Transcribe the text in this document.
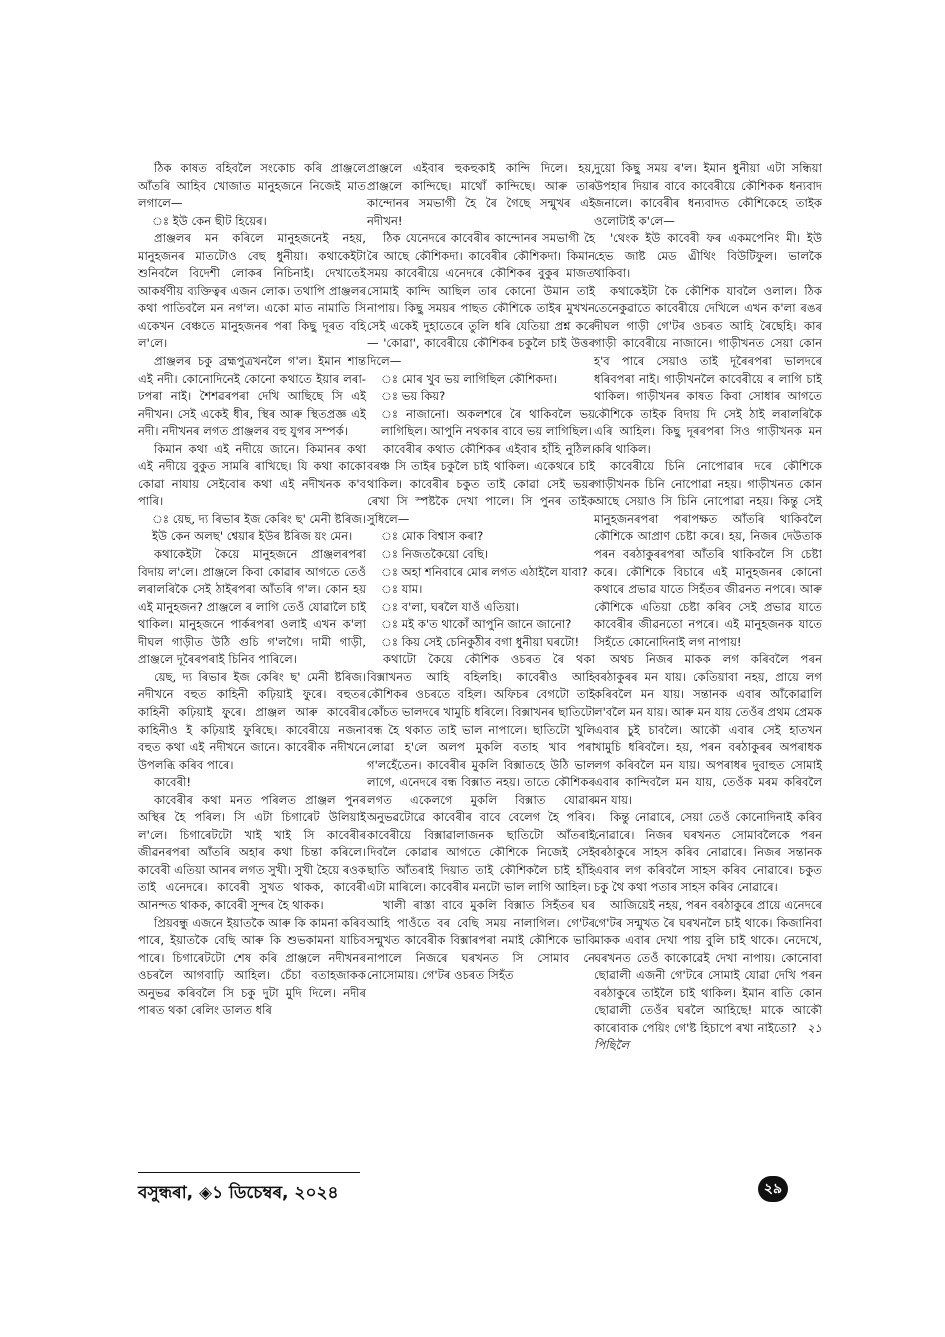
ঠিক কাষত বহিবলৈ সংকোচ কৰি প্ৰাঞ্জলে আঁতৰি আহিব খোজাত মানুহজনে নিজেই মাত লগালে—

ঃ ইউ কেন ছীট হিয়েৰ।

প্ৰাঞ্জলৰ মন কৰিলে মানুহজনেই নহয়, মানুহজনৰ মাতটোও বেছ ধুনীয়া। কথাকেইটা শুনিবলৈ বিদেশী লোকৰ নিচিনাই। দেখাতেই আকৰ্ষণীয় ব্যক্তিত্বৰ এজন লোক। তথাপি প্ৰাঞ্জলৰ কথা পাতিবলৈ মন নগ'ল। একো মাত নামাতি সি একেখন বেঞ্চতে মানুহজনৰ পৰা কিছু দূৰত বহি ল'লে।

প্ৰাঞ্জলৰ চকু ব্ৰহ্মপুত্ৰখনলৈ গ'ল। ইমান শান্ত এই নদী। কোনোদিনেই কোনো কথাতে ইয়াৰ লৰা-ঢপৰা নাই। শৈশৱৰপৰা দেখি আছিছে সি এই নদীখন। সেই একেই ধীৰ, স্থিৰ আৰু স্থিতপ্ৰজ্ঞ এই নদী। নদীখনৰ লগত প্ৰাঞ্জলৰ বহু যুগৰ সম্পৰ্ক।

কিমান কথা এই নদীয়ে জানে। কিমানৰ কথা এই নদীয়ে বুকুত সামৰি ৰাখিছে। যি কথা কাকো কোৱা নাযায় সেইবোৰ কথা এই নদীখনক ক'ব পাৰি।

ঃ য়েছ, দ্য ৰিভাৰ ইজ কেৰিং ছ' মেনী ষ্টৰিজ। ইউ কেন অলছ' শ্বেয়াৰ ইউৰ ষ্টৰিজ য়ং মেন।

কথাকেইটা কৈয়ে মানুহজনে প্ৰাঞ্জলৰপৰা বিদায় ল'লে। প্ৰাঞ্জলে কিবা কোৱাৰ আগতে তেওঁ লৰালৰিকৈ সেই ঠাইৰপৰা আঁতৰি গ'ল। কোন হয় এই মানুহজন? প্ৰাঞ্জলে ৰ লাগি তেওঁ যোৱালৈ চাই থাকিল। মানুহজনে পাৰ্কৰপৰা ওলাই এখন ক'লা দীঘল গাড়ীত উঠি গুচি গ'লগৈ। দামী গাড়ী, প্ৰাঞ্জলে দূৰৈৰপৰাই চিনিব পাৰিলে।

য়েছ, দ্য ৰিভাৰ ইজ কেৰিং ছ' মেনী ষ্টৰিজ। নদীখনে বহুত কাহিনী কঢ়িয়াই ফুৰে। বহুতৰ কাহিনী কঢ়িয়াই ফুৰে। প্ৰাঞ্জল আৰু কাবেৰীৰ কাহিনীও ই কঢ়িয়াই ফুৰিছে। কাবেৰীয়ে নজনা বহুত কথা এই নদীখনে জানে। কাবেৰীক নদীখনে উপলব্ধি কৰিব পাৰে।

কাবেৰী!

কাবেৰীৰ কথা মনত পৰিলত প্ৰাঞ্জল পুনৰ অস্থিৰ হৈ পৰিল। সি এটা চিগাৰেট উলিয়াই ল'লে। চিগাৰেটটো খাই খাই সি কাবেৰীৰ জীৱনৰপৰা আঁতৰি অহাৰ কথা চিন্তা কৰিলে। কাবেৰী এতিয়া আনৰ লগত সুখী। সুখী হৈয়ে ৰওক তাই এনেদৰে। কাবেৰী সুখত থাকক, কাবেৰী আনন্দত থাকক, কাবেৰী সুন্দৰ হৈ থাকক।

প্ৰিয়বন্ধু এজনে ইয়াতকৈ আৰু কি কামনা কৰিব পাৰে, ইয়াতকৈ বেছি আৰু কি শুভকামনা যাচিব পাৰে। চিগাৰেটটো শেষ কৰি প্ৰাঞ্জলে নদীখনৰ ওচৰলৈ আগবাঢ়ি আহিল। চেঁচা বতাহজাকক অনুভৱ কৰিবলৈ সি চকু দুটা মুদি দিলে। নদীৰ পাৰত থকা ৰেলিং ডালত ধৰি

প্ৰাঞ্জলে এইবাৰ হুকহুকাই কান্দি দিলে। হয়, প্ৰাঞ্জলে কান্দিছে। মাথোঁ কান্দিছে। আৰু তাৰ কান্দোনৰ সমভাগী হৈ ৰৈ গৈছে সন্মুখৰ এই নদীখন!

ঠিক যেনেদৰে কাবেৰীৰ কান্দোনৰ সমভাগী হৈ ৰৈ আছে কৌশিকদা। কাবেৰীৰ কৌশিকদা। কিমান সময় কাবেৰীয়ে এনেদৰে কৌশিকৰ বুকুৰ মাজত সোমাই কান্দি আছিল তাৰ কোনো উমান তাই নাপায়। কিছু সময়ৰ পাছত কৌশিকে তাইৰ মুখখন সেই একেই দুহাতেৰে তুলি ধৰি যেতিয়া প্ৰশ্ন কৰে— 'কোৱা', কাবেৰীয়ে কৌশিকৰ চকুলৈ চাই উত্তৰ দিলে—

ঃ মোৰ খুব ভয় লাগিছিল কৌশিকদা।

ঃ ভয় কিয়?

ঃ নাজানো। অকলশৰে ৰৈ থাকিবলৈ ভয় লাগিছিল। আপুনি নথকাৰ বাবে ভয় লাগিছিল।

কাবেৰীৰ কথাত কৌশিকৰ এইবাৰ হাঁহি নুঠিল। বৰঞ্চ সি তাইৰ চকুলৈ চাই থাকিল। একেথৰে চাই থাকিল। কাবেৰীৰ চকুত তাই কোৱা সেই ভয়ৰ ৰেখা সি স্পষ্টকৈ দেখা পালে। সি পুনৰ তাইক সুধিলে—

ঃ মোক বিশ্বাস কৰা?

ঃ নিজতকৈয়ো বেছি।

ঃ অহা শনিবাৰে মোৰ লগত এঠাইলৈ যাবা?

ঃ যাম।

ঃ ব'লা, ঘৰলৈ যাওঁ এতিয়া।

ঃ মই ক'ত থাকোঁ আপুনি জানে জানো?

ঃ কিয় সেই চেনিকুঠীৰ বগা ধুনীয়া ঘৰটো!

কথাটো কৈয়ে কৌশিক ওচৰত ৰৈ থকা বিক্সাখনত আহি বহিলহি। কাবেৰীও আহি কৌশিকৰ ওচৰতে বহিল। অফিচৰ বেগটো তাই কোঁচত ভালদৰে খামুচি ধৰিলে। বিক্সাখনৰ ছাতিটো বন্ধ হৈ থকাত তাই ভাল নাপালে। ছাতিটো খুলি লোৱা হ'লে অলপ মুকলি বতাহ খাব পৰা গ'লহেঁতেন। কাবেৰীৰ মুকলি বিক্সাতহে উঠি ভাল লাগে, এনেদৰে বন্ধ বিক্সাত নহয়। তাতে কৌশিকৰ লগত একেলগে মুকলি বিক্সাত যোৱাৰ অনুভৱটোৱে কাবেৰীৰ বাবে বেলেগ হৈ পৰিব। কাবেৰীয়ে বিক্সাৱালাজনক ছাতিটো আঁতৰাই দিবলৈ কোৱাৰ আগতে কৌশিকে নিজেই সেই ছাতি আঁতৰাই দিয়াত তাই কৌশিকলৈ চাই হাঁহি এটা মাৰিলে। কাবেৰীৰ মনটো ভাল লাগি আহিল।

খালী ৰাস্তা বাবে মুকলি বিক্সাত সিহঁতৰ ঘৰ আহি পাওঁতে বৰ বেছি সময় নালাগিল। গে'টৰ সন্মুখত কাবেৰীক বিক্সাৰপৰা নমাই কৌশিকে ভাবি নাপালে নিজৰে ঘৰখনত সি সোমাব নে নোসোমায়। গে'টৰ ওচৰত সিহঁত

দুয়ো কিছু সময় ৰ'ল। ইমান ধুনীয়া এটা সন্ধিয়া উপহাৰ দিয়াৰ বাবে কাবেৰীয়ে কৌশিকক ধন্যবাদ জনালে। কাবেৰীৰ ধন্যবাদত কৌশিকেহে তাইক ওলোটাই ক'লে—

'থেংক ইউ কাবেৰী ফৰ একমপেনিং মী। ইউ হেভ জাষ্ট মেড এ্ৰীথিং বিউটিফুল। ভালকৈ থাকিবা।

কথাকেইটা কৈ কৌশিক যাবলৈ ওলাল। ঠিক তেনেকুৱাতে কাবেৰীয়ে দেখিলে এখন ক'লা ৰঙৰ দীঘল গাড়ী গে'টৰ ওচৰত আহি ৰৈছেহি। কাৰ গাড়ী কাবেৰীয়ে নাজানে। গাড়ীখনত সেয়া কোন হ'ব পাৰে সেয়াও তাই দূৰৈৰপৰা ভালদৰে ধৰিবপৰা নাই। গাড়ীখনলৈ কাবেৰীয়ে ৰ লাগি চাই থাকিল। গাড়ীখনৰ কাষত কিবা সোধাৰ আগতে কৌশিকে তাইক বিদায় দি সেই ঠাই লৰালৰিকৈ এৰি আহিল। কিছু দূৰৰপৰা সিও গাড়ীখনক মন কৰি থাকিল।

কাবেৰীয়ে চিনি নোপোৱাৰ দৰে কৌশিকে গাড়ীখনক চিনি নোপোৱা নহয়। গাড়ীখনত কোন আছে সেয়াও সি চিনি নোপোৱা নহয়। কিন্তু সেই মানুহজনৰপৰা পৰাপক্ষত আঁতৰি থাকিবলৈ কৌশিকে আপ্ৰাণ চেষ্টা কৰে। হয়, নিজৰ দেউতাক পৰন বৰঠাকুৰৰপৰা আঁতৰি থাকিবলৈ সি চেষ্টা কৰে। কৌশিকে বিচাৰে এই মানুহজনৰ কোনো কথাৰে প্ৰভাৱ যাতে সিহঁতৰ জীৱনত নপৰে। আৰু কৌশিকে এতিয়া চেষ্টা কৰিব সেই প্ৰভাৱ যাতে কাবেৰীৰ জীৱনতো নপৰে। এই মানুহজনক যাতে সিহঁতে কোনোদিনাই লগ নাপায়!

অথচ নিজৰ মাকক লগ কৰিবলৈ পৰন বৰঠাকুৰৰ মন যায়। কেতিয়াবা নহয়, প্ৰায়ে লগ কৰিবলৈ মন যায়। সন্তানক এবাৰ আঁকোৱালি ল'বলৈ মন যায়। আৰু মন যায় তেওঁৰ প্ৰথম প্ৰেমক এবাৰ চুই চাবলৈ। আকৌ এবাৰ সেই হাতখন খামুচি ধৰিবলৈ। হয়, পৰন বৰঠাকুৰৰ অপৰাধক লগ কৰিবলৈ মন যায়। অপৰাধৰ দুবাহুত সোমাই এবাৰ কান্দিবলৈ মন যায়, তেওঁক মৰম কৰিবলৈ মন যায়।

কিন্তু নোৱাৰে, সেয়া তেওঁ কোনোদিনাই কৰিব নোৱাৰে। নিজৰ ঘৰখনত সোমাবলৈকে পৰন বৰঠাকুৰে সাহস কৰিব নোৱাৰে। নিজৰ সন্তানক এবাৰ লগ কৰিবলৈ সাহস কৰিব নোৱাৰে। চকুত চকু থৈ কথা পতাৰ সাহস কৰিব নোৱাৰে।

আজিয়েই নহয়, পৰন বৰঠাকুৰে প্ৰায়ে এনেদৰে গে'টৰ সন্মুখত ৰৈ ঘৰখনলৈ চাই থাকে। কিজানিবা মাকক এবাৰ দেখা পায় বুলি চাই থাকে। নেদেখে, ঘৰখনত তেওঁ কাকোৱেই দেখা নাপায়। কোনোবা ছোৱালী এজনী গে'টৰে সোমাই যোৱা দেখি পৰন বৰঠাকুৰে তাইলৈ চাই থাকিল। ইমান ৰাতি কোন ছোৱালী তেওঁৰ ঘৰলৈ আহিছে! মাকে আকৌ কাৰোবাক পেয়িং গে'ষ্ট হিচাপে ৰখা নাইতো? ২১ পিছিলৈ

বসুন্ধৰা, ◈১ ডিচেম্বৰ, ২০২৪	২৯
